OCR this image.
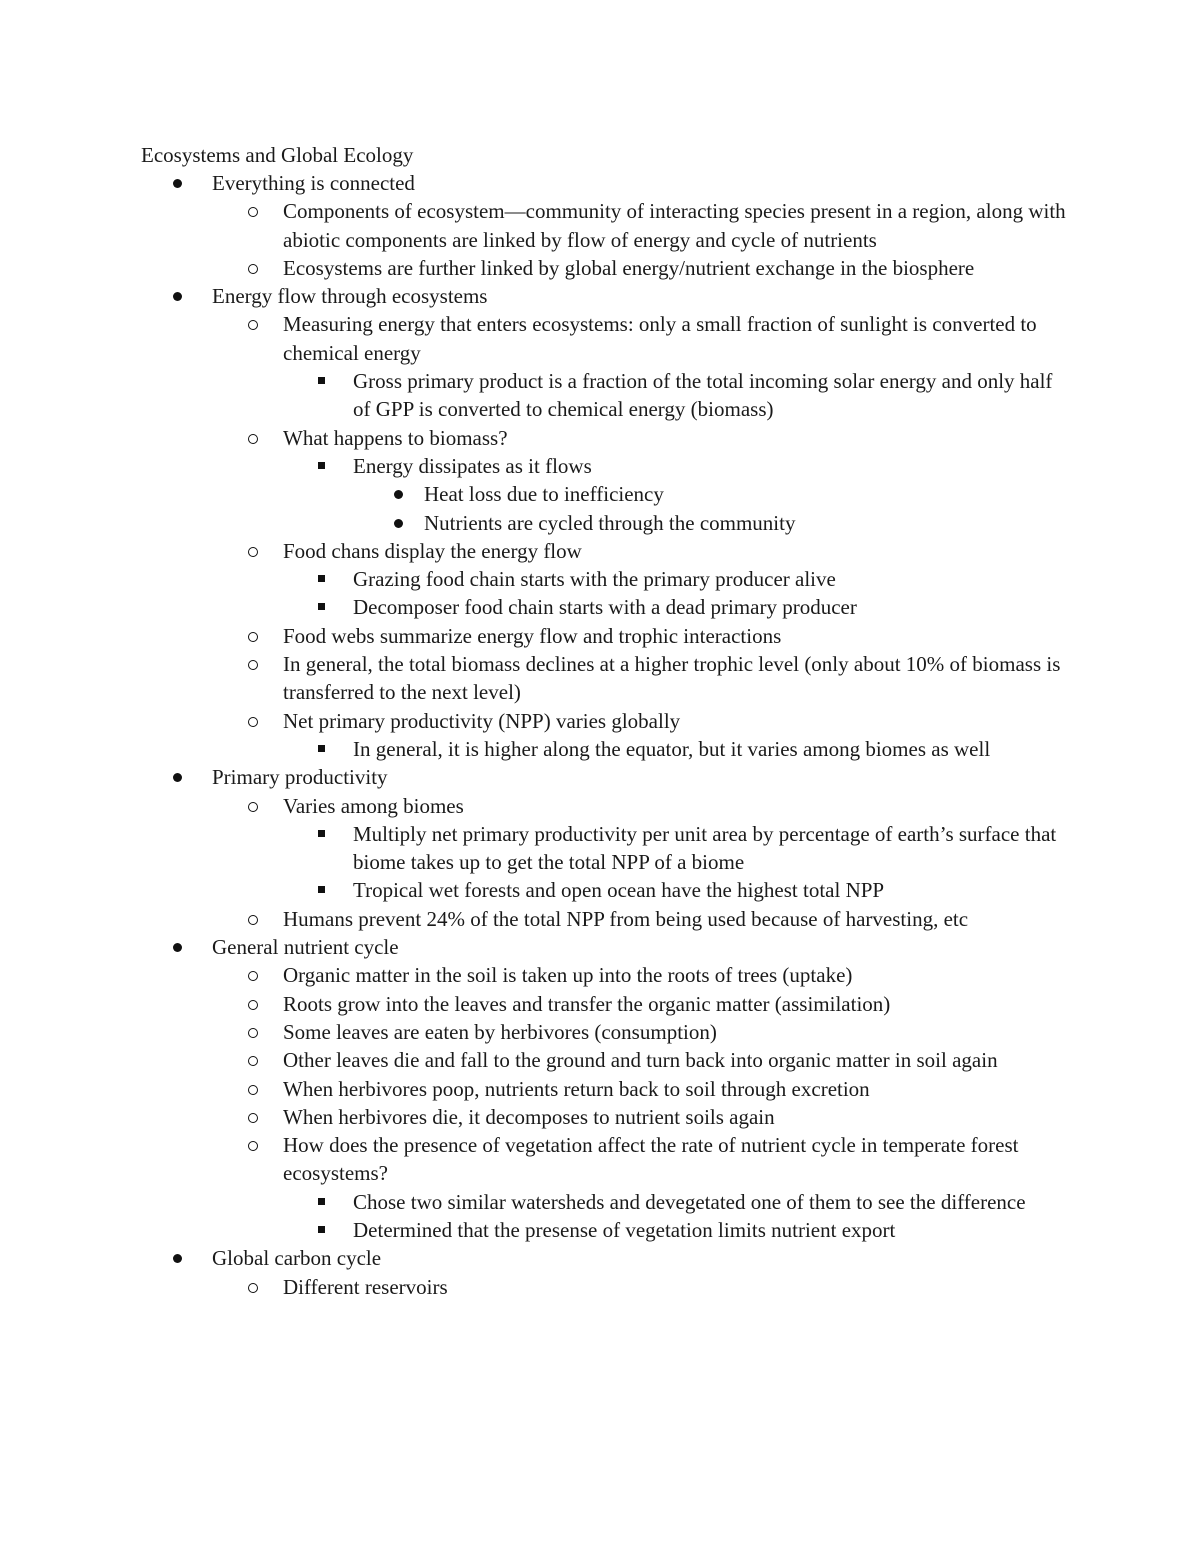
Ecosystems and Global Ecology
Everything is connected
Components of ecosystem—community of interacting species present in a region, along with abiotic components are linked by flow of energy and cycle of nutrients
Ecosystems are further linked by global energy/nutrient exchange in the biosphere
Energy flow through ecosystems
Measuring energy that enters ecosystems: only a small fraction of sunlight is converted to chemical energy
Gross primary product is a fraction of the total incoming solar energy and only half of GPP is converted to chemical energy (biomass)
What happens to biomass?
Energy dissipates as it flows
Heat loss due to inefficiency
Nutrients are cycled through the community
Food chans display the energy flow
Grazing food chain starts with the primary producer alive
Decomposer food chain starts with a dead primary producer
Food webs summarize energy flow and trophic interactions
In general, the total biomass declines at a higher trophic level (only about 10% of biomass is transferred to the next level)
Net primary productivity (NPP) varies globally
In general, it is higher along the equator, but it varies among biomes as well
Primary productivity
Varies among biomes
Multiply net primary productivity per unit area by percentage of earth’s surface that biome takes up to get the total NPP of a biome
Tropical wet forests and open ocean have the highest total NPP
Humans prevent 24% of the total NPP from being used because of harvesting, etc
General nutrient cycle
Organic matter in the soil is taken up into the roots of trees (uptake)
Roots grow into the leaves and transfer the organic matter (assimilation)
Some leaves are eaten by herbivores (consumption)
Other leaves die and fall to the ground and turn back into organic matter in soil again
When herbivores poop, nutrients return back to soil through excretion
When herbivores die, it decomposes to nutrient soils again
How does the presence of vegetation affect the rate of nutrient cycle in temperate forest ecosystems?
Chose two similar watersheds and devegetated one of them to see the difference
Determined that the presense of vegetation limits nutrient export
Global carbon cycle
Different reservoirs
